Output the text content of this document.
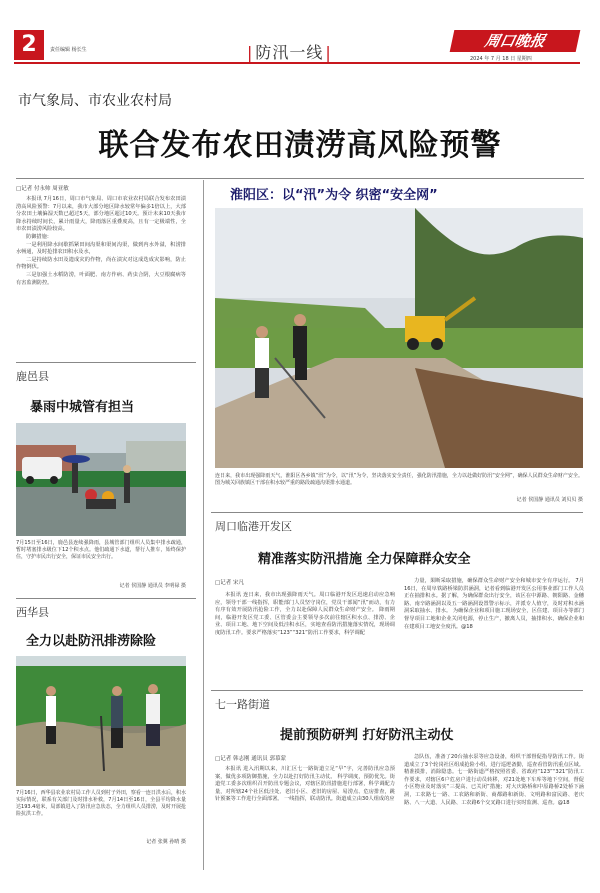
2	责任编辑 杨长生	| 防汛一线 |
周口晚报
2024 年 7 月 18 日 星期四
市气象局、市农业农村局
联合发布农田渍涝高风险预警
□记者 付永帅 周亚敏
本报讯 7月16日，周口市气象局、周口市农业农村局联合发布农田渍涝高风险预警：7月以来，我市大部分地区降水较常年偏多1倍以上，大部分农田土壤偏湿天数已超过5天，部分地区超过10天。预计未来10天我市降水持续时间长，累计雨量大，降雨落区重叠度高，且有一定极端性，全市农田渍涝风险较高。
防御措施：
一是利用降水间歇抓紧田间沟渠和渠间沟渠，做到内水外溢，积涝排水畅通，及时抢排农田积水及水，
二是持续防水田及遗成灾的作物，尚在渍灾对这成迭成灾影响，防止作物倒伏。
三是加强土水稻防涝，叶面肥、南方作病、药虫合阴，大豆根腐病等有害监测防控。
鹿邑县
暴雨中城管有担当
7月15日至16日，鹿邑县连续强降雨，县城管部门组织人员集中排水疏通，暂时堵塞排水级位下12个积水点。他们疏通下水道，帮行人推车，始终保护住，守护市民出行安全，保证市民安全出行。
记者 侯国静 通讯员 李明禄 摄
西华县
全力以赴防汛排涝除险
7月16日，西华县农业农村局工作人员到村子外田，察看一连日洪水后，积水实际情况，联系有关部门及时排水补救，7月14日至16日，全县平均降水量达193.4毫米，局部镇进入了防汛应急状态，全力组织人员排涝，及时开展抢险抗洪工作。
记者 张翼 孙晴 摄
淮阳区：以“汛”为令 织密“安全网”
连日来，我市出现强降雨天气，淮阳区各乡镇“汛”为令，以“汛”为令，坚决落实安全责任，强化防汛措施，全力以赴做好防汛“安全网”，确保人民群众生命财产安全。图为城关回族镇区干部在积水较严重的路段疏通沟渠排水通道。
记者 侯国静 通讯员 刘贝贝 摄
周口临港开发区
精准落实防汛措施 全力保障群众安全
□记者 宋凡
本报讯 连日来，我市出现强降雨天气。周口临港开发区迅速启动应急响应，领导干部一线指挥，职能部门人员坚守岗位，党员干部闻“汛”而动，有力有序有效开展防汛抢险工作，全力以赴保障人民群众生命财产安全。 降雨期间，临港开发区党工委、区管委会主要领导多次前往辖区积水点、排涝、企业、项目工地、地下空间及低洼积水区，实地查看防汛措施落实情况，现场调度防汛工作。要求严格落实“123”“321”防汛工作要求，科学调配
力量，果断采取措施，确保群众生命财产安全和城市安全有序运行。 7月16日，在周阜铁路桥梁防洪涵洞，记者看到临港开发区公用事业部门工作人员正在抽排积水。据了解，为确保群众出行安全，该区在中源路、朝阳路、金穗路、南辛路涵洞以及五一路涵洞设置警示标示，并派专人值守，及时对积水涵洞采取抽水、排水。 为确保企业和项目施工现场安全，区住建、项目办等部门督导项目工地和企业关闭电源，停止生产，撤离人员，抽排积水，确保企业和在建项目工地安全度汛。@18
七一路街道
提前预防研判 打好防汛主动仗
□记者 韩志刚 通讯员 郭慕蒙
本报讯 进入汛期以来，川汇区七一路街道立足“早”字，完善防汛应急预案，做优多项防御措施，全力以赴打好防汛主动仗。 科学调度，预防优先。街道党工委多次组织召开防汛专题会议，对辖区防汛措施进行部署，科学调配力量，对所辖24个社区低洼处、老旧小区、老旧的房屋、易涝点、危房排查，跳针预案等工作进行全面部署。 一线指挥，联动防汛。街道成立由30人组成的应
急队伍，准备了20台抽水泵等应急设备，组织干部督促指导防汛工作。街道成立了3个轮岗社区组成抢险小组，进行巡逻备勤，巡查看管防汛重点区域。 精准摸排，消除隐患。七一路街道严格按照省委、省政府“123”“321”防汛工作要求，对辖区6户危房户进行动员转移，对21处地下车库等地下空间，督促小区物业及时落实“三提高、已关闭”措施；对大庆路桥和中原路桥2处桥下涵洞，工农路七一路、工农路和新街、商都路和新街、文明路和富民路、老庆路、八一大道、人民路、工农路6个交叉路口进行实时监测、巡查。@18
